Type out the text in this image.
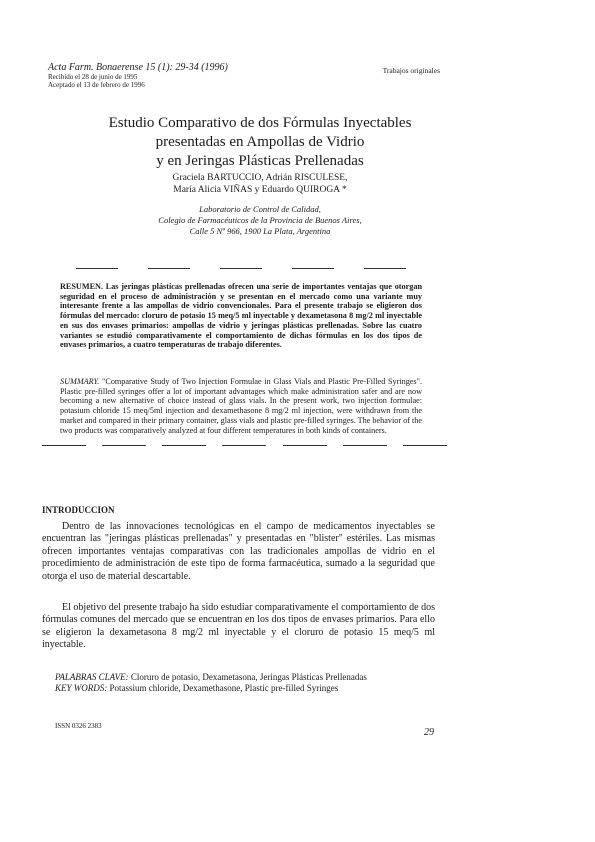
Acta Farm. Bonaerense 15 (1): 29-34 (1996)
Recibido el 28 de junio de 1995
Aceptado el 13 de febrero de 1996
Trabajos originales
Estudio Comparativo de dos Fórmulas Inyectables
presentadas en Ampollas de Vidrio
y en Jeringas Plásticas Prellenadas
Graciela BARTUCCIO, Adrián RISCULESE,
María Alicia VIÑAS y Eduardo QUIROGA *
Laboratorio de Control de Calidad,
Colegio de Farmacéuticos de la Provincia de Buenos Aires,
Calle 5 Nº 966, 1900 La Plata, Argentina
RESUMEN. Las jeringas plásticas prellenadas ofrecen una serie de importantes ventajas que otorgan seguridad en el proceso de administración y se presentan en el mercado como una variante muy interesante frente a las ampollas de vidrio convencionales. Para el presente trabajo se eligieron dos fórmulas del mercado: cloruro de potasio 15 meq/5 ml inyectable y dexametasona 8 mg/2 ml inyectable en sus dos envases primarios: ampollas de vidrio y jeringas plásticas prellenadas. Sobre las cuatro variantes se estudió comparativamente el comportamiento de dichas fórmulas en los dos tipos de envases primarios, a cuatro temperaturas de trabajo diferentes.
SUMMARY. "Comparative Study of Two Injection Formulae in Glass Vials and Plastic Pre-Filled Syringes". Plastic pre-filled syringes offer a lot of important advantages which make administration safer and are now becoming a new alternative of choice instead of glass vials. In the present work, two injection formulae: potasium chloride 15 meq/5ml injection and dexamethasone 8 mg/2 ml injection, were withdrawn from the market and compared in their primary container, glass vials and plastic pre-filled syringes. The behavior of the two products was comparatively analyzed at four different temperatures in both kinds of containers.
INTRODUCCION
Dentro de las innovaciones tecnológicas en el campo de medicamentos inyectables se encuentran las "jeringas plásticas prellenadas" y presentadas en "blister" estériles. Las mismas ofrecen importantes ventajas comparativas con las tradicionales ampollas de vidrio en el procedimiento de administración de este tipo de forma farmacéutica, sumado a la seguridad que otorga el uso de material descartable.
El objetivo del presente trabajo ha sido estudiar comparativamente el comportamiento de dos fórmulas comunes del mercado que se encuentran en los dos tipos de envases primarios. Para ello se eligieron la dexametasona 8 mg/2 ml inyectable y el cloruro de potasio 15 meq/5 ml inyectable.
PALABRAS CLAVE: Cloruro de potasio, Dexametasona, Jeringas Plásticas Prellenadas
KEY WORDS: Potassium chloride, Dexamethasone, Plastic pre-filled Syringes
ISSN 0326 2383
29
